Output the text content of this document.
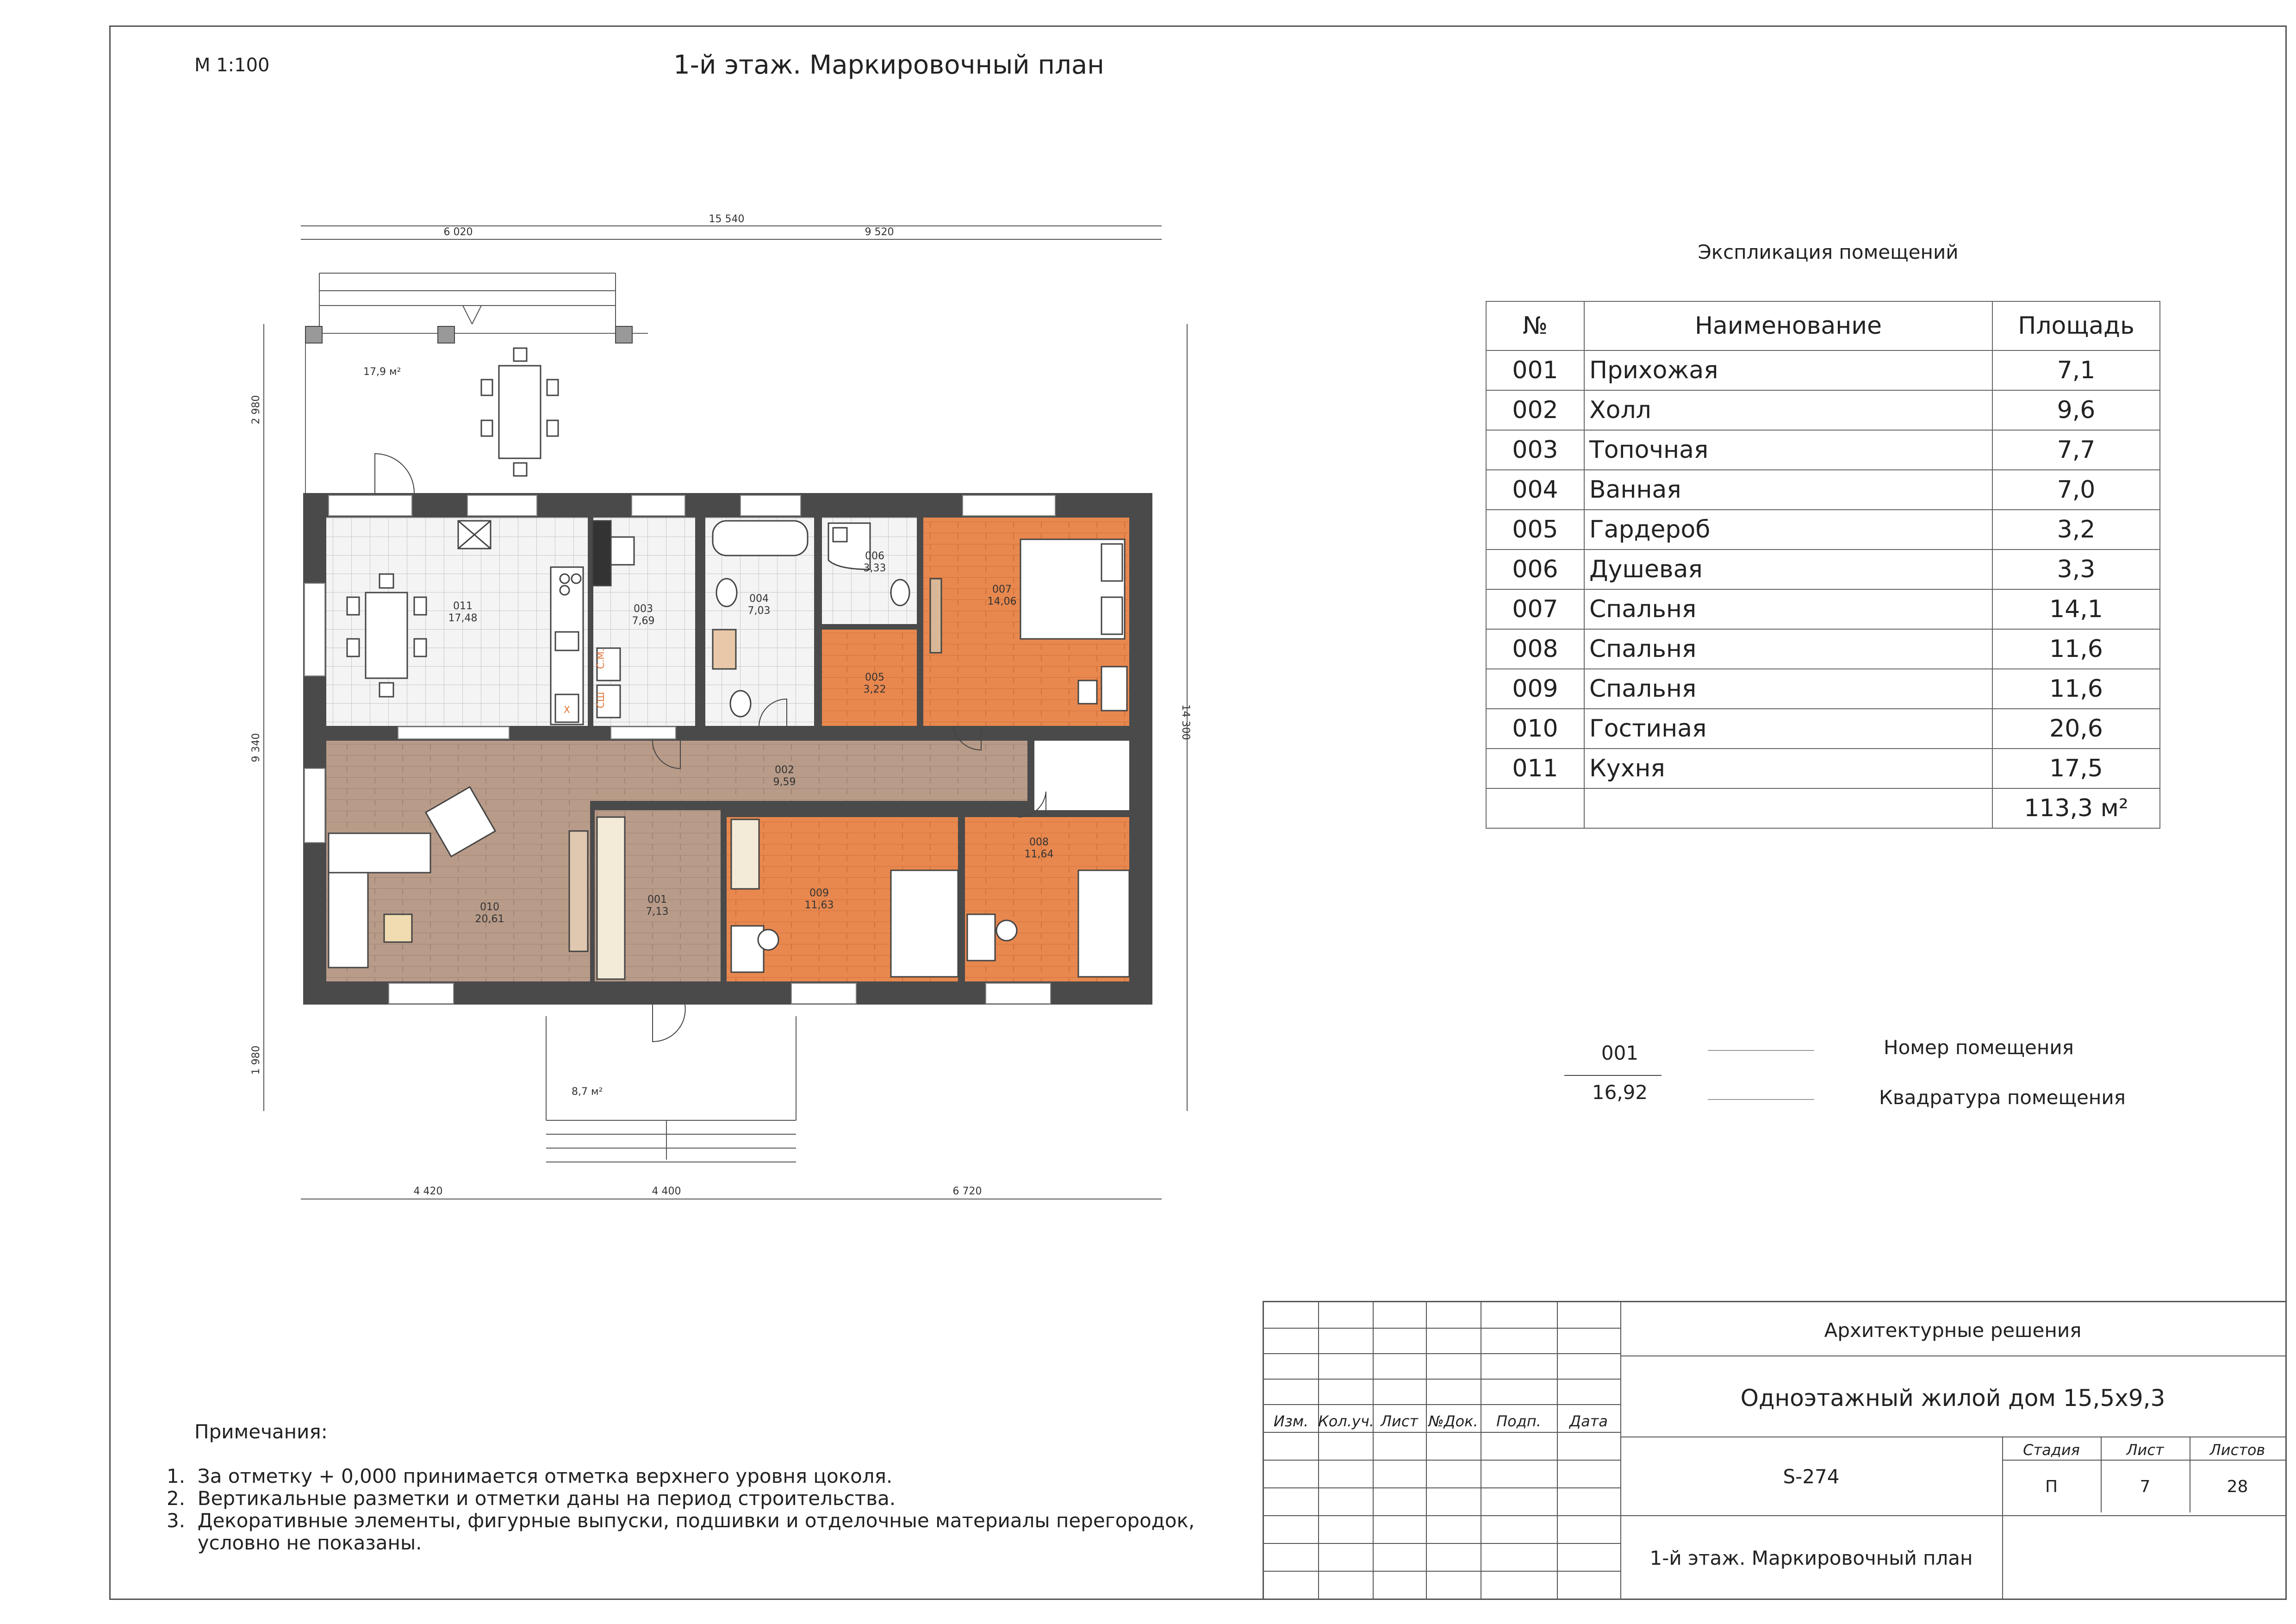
М 1:100	1-й этаж. Маркировочный план
С.М.
СШ
Х
15 540
6 020	9 520
4 420	4 400	6 720
2 980
9 340
1 980
14 300
17,9 м²
8,7 м²
011
17,48
003
7,69
004
7,03
006
3,33
005
3,22
007
14,06
002
9,59
010
20,61
001
7,13
009
11,63
008
11,64
Экспликация помещений
№	Наименование	Площадь
001	Прихожая	7,1
002	Холл	9,6
003	Топочная	7,7
004	Ванная	7,0
005	Гардероб	3,2
006	Душевая	3,3
007	Спальня	14,1
008	Спальня	11,6
009	Спальня	11,6
010	Гостиная	20,6
011	Кухня	17,5
		113,3 м²
001
16,92
Номер помещения
Квадратура помещения
Примечания:
1.  За отметку + 0,000 принимается отметка верхнего уровня цоколя.
2.  Вертикальные разметки и отметки даны на период строительства.
3.  Декоративные элементы, фигурные выпуски, подшивки и отделочные материалы перегородок,
условно не показаны.
Изм. Кол.уч. Лист №Док.	Подп.	Дата
Архитектурные решения
Одноэтажный жилой дом 15,5х9,3
S-274
Стадия	Лист	Листов
П	7	28
1-й этаж. Маркировочный план
